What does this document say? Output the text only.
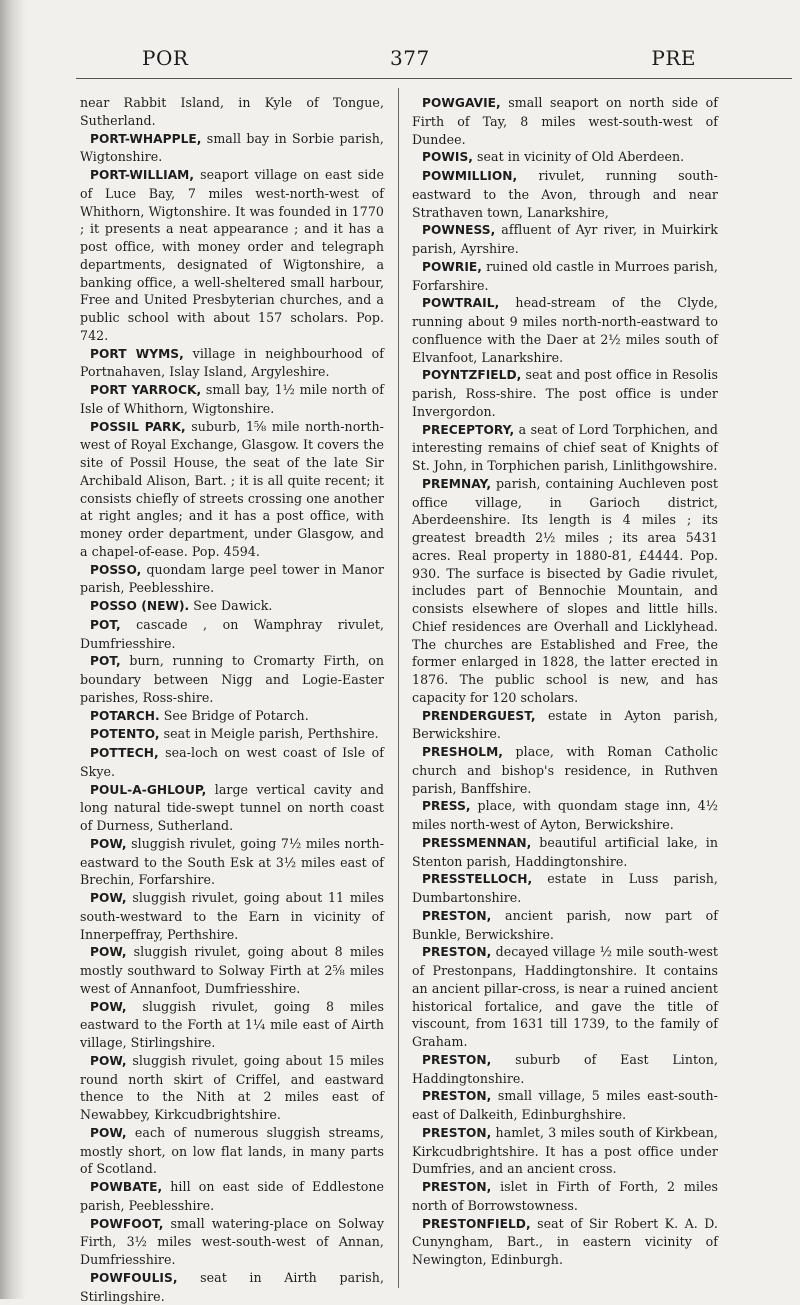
POR	377	PRE

near Rabbit Island, in Kyle of Tongue, Sutherland.

PORT-WHAPPLE, small bay in Sorbie parish, Wigtonshire.

PORT-WILLIAM, seaport village on east side of Luce Bay, 7 miles west-north-west of Whithorn, Wigtonshire. It was founded in 1770 ; it presents a neat appearance ; and it has a post office, with money order and telegraph departments, designated of Wigtonshire, a banking office, a well-sheltered small harbour, Free and United Presbyterian churches, and a public school with about 157 scholars. Pop. 742.

PORT WYMS, village in neighbourhood of Portnahaven, Islay Island, Argyleshire.

PORT YARROCK, small bay, 1½ mile north of Isle of Whithorn, Wigtonshire.

POSSIL PARK, suburb, 1⅝ mile north-north-west of Royal Exchange, Glasgow. It covers the site of Possil House, the seat of the late Sir Archibald Alison, Bart. ; it is all quite recent; it consists chiefly of streets crossing one another at right angles; and it has a post office, with money order department, under Glasgow, and a chapel-of-ease. Pop. 4594.

POSSO, quondam large peel tower in Manor parish, Peeblesshire.

POSSO (NEW). See Dawick.

POT, cascade , on Wamphray rivulet, Dumfriesshire.

POT, burn, running to Cromarty Firth, on boundary between Nigg and Logie-Easter parishes, Ross-shire.

POTARCH. See Bridge of Potarch.

POTENTO, seat in Meigle parish, Perthshire.

POTTECH, sea-loch on west coast of Isle of Skye.

POUL-A-GHLOUP, large vertical cavity and long natural tide-swept tunnel on north coast of Durness, Sutherland.

POW, sluggish rivulet, going 7½ miles north-eastward to the South Esk at 3½ miles east of Brechin, Forfarshire.

POW, sluggish rivulet, going about 11 miles south-westward to the Earn in vicinity of Innerpeffray, Perthshire.

POW, sluggish rivulet, going about 8 miles mostly southward to Solway Firth at 2⅝ miles west of Annanfoot, Dumfriesshire.

POW, sluggish rivulet, going 8 miles eastward to the Forth at 1¼ mile east of Airth village, Stirlingshire.

POW, sluggish rivulet, going about 15 miles round north skirt of Criffel, and eastward thence to the Nith at 2 miles east of Newabbey, Kirkcudbrightshire.

POW, each of numerous sluggish streams, mostly short, on low flat lands, in many parts of Scotland.

POWBATE, hill on east side of Eddlestone parish, Peeblesshire.

POWFOOT, small watering-place on Solway Firth, 3½ miles west-south-west of Annan, Dumfriesshire.

POWFOULIS, seat in Airth parish, Stirlingshire.

POWGAVIE, small seaport on north side of Firth of Tay, 8 miles west-south-west of Dundee.

POWIS, seat in vicinity of Old Aberdeen.

POWMILLION, rivulet, running south-eastward to the Avon, through and near Strathaven town, Lanarkshire,

POWNESS, affluent of Ayr river, in Muirkirk parish, Ayrshire.

POWRIE, ruined old castle in Murroes parish, Forfarshire.

POWTRAIL, head-stream of the Clyde, running about 9 miles north-north-eastward to confluence with the Daer at 2½ miles south of Elvanfoot, Lanarkshire.

POYNTZFIELD, seat and post office in Resolis parish, Ross-shire. The post office is under Invergordon.

PRECEPTORY, a seat of Lord Torphichen, and interesting remains of chief seat of Knights of St. John, in Torphichen parish, Linlithgowshire.

PREMNAY, parish, containing Auchleven post office village, in Garioch district, Aberdeenshire. Its length is 4 miles ; its greatest breadth 2½ miles ; its area 5431 acres. Real property in 1880-81, £4444. Pop. 930. The surface is bisected by Gadie rivulet, includes part of Bennochie Mountain, and consists elsewhere of slopes and little hills. Chief residences are Overhall and Licklyhead. The churches are Established and Free, the former enlarged in 1828, the latter erected in 1876. The public school is new, and has capacity for 120 scholars.

PRENDERGUEST, estate in Ayton parish, Berwickshire.

PRESHOLM, place, with Roman Catholic church and bishop's residence, in Ruthven parish, Banffshire.

PRESS, place, with quondam stage inn, 4½ miles north-west of Ayton, Berwickshire.

PRESSMENNAN, beautiful artificial lake, in Stenton parish, Haddingtonshire.

PRESSTELLOCH, estate in Luss parish, Dumbartonshire.

PRESTON, ancient parish, now part of Bunkle, Berwickshire.

PRESTON, decayed village ½ mile south-west of Prestonpans, Haddingtonshire. It contains an ancient pillar-cross, is near a ruined ancient historical fortalice, and gave the title of viscount, from 1631 till 1739, to the family of Graham.

PRESTON, suburb of East Linton, Haddingtonshire.

PRESTON, small village, 5 miles east-south-east of Dalkeith, Edinburghshire.

PRESTON, hamlet, 3 miles south of Kirkbean, Kirkcudbrightshire. It has a post office under Dumfries, and an ancient cross.

PRESTON, islet in Firth of Forth, 2 miles north of Borrowstowness.

PRESTONFIELD, seat of Sir Robert K. A. D. Cunyngham, Bart., in eastern vicinity of Newington, Edinburgh.
